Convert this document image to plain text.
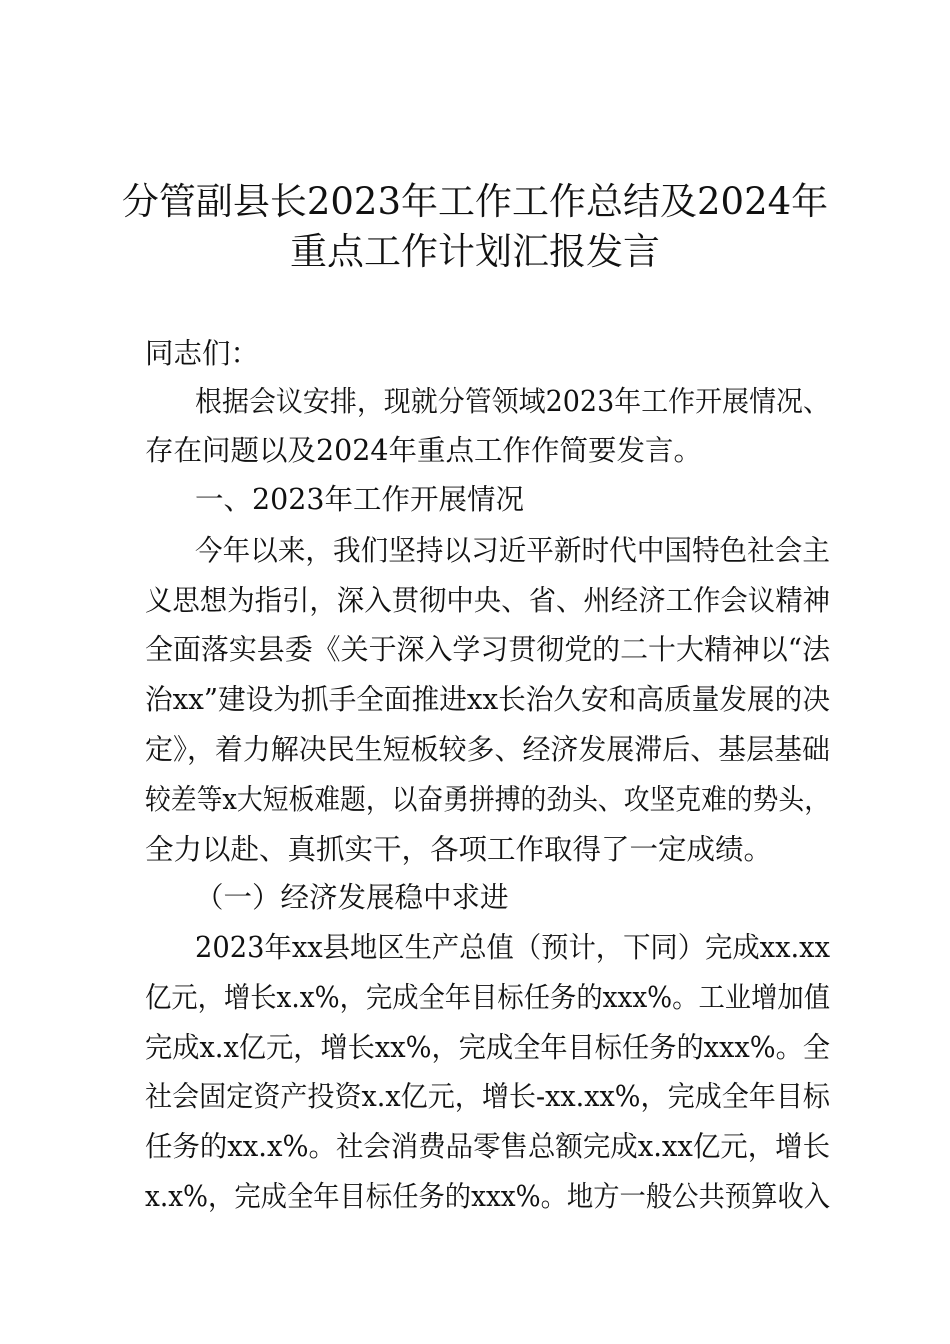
分管副县长2023年工作工作总结及2024年
重点工作计划汇报发言
同志们：
根据会议安排，现就分管领域2023年工作开展情况、
存在问题以及2024年重点工作作简要发言。
一、2023年工作开展情况
今年以来，我们坚持以习近平新时代中国特色社会主
义思想为指引，深入贯彻中央、省、州经济工作会议精神
全面落实县委《关于深入学习贯彻党的二十大精神以“法
治xx”建设为抓手全面推进xx长治久安和高质量发展的决
定》，着力解决民生短板较多、经济发展滞后、基层基础
较差等x大短板难题，以奋勇拼搏的劲头、攻坚克难的势头，
全力以赴、真抓实干，各项工作取得了一定成绩。
（一）经济发展稳中求进
2023年xx县地区生产总值（预计，下同）完成xx.xx
亿元，增长x.x%，完成全年目标任务的xxx%。工业增加值
完成x.x亿元，增长xx%，完成全年目标任务的xxx%。全
社会固定资产投资x.x亿元，增长-xx.xx%，完成全年目标
任务的xx.x%。社会消费品零售总额完成x.xx亿元，增长
x.x%，完成全年目标任务的xxx%。地方一般公共预算收入
